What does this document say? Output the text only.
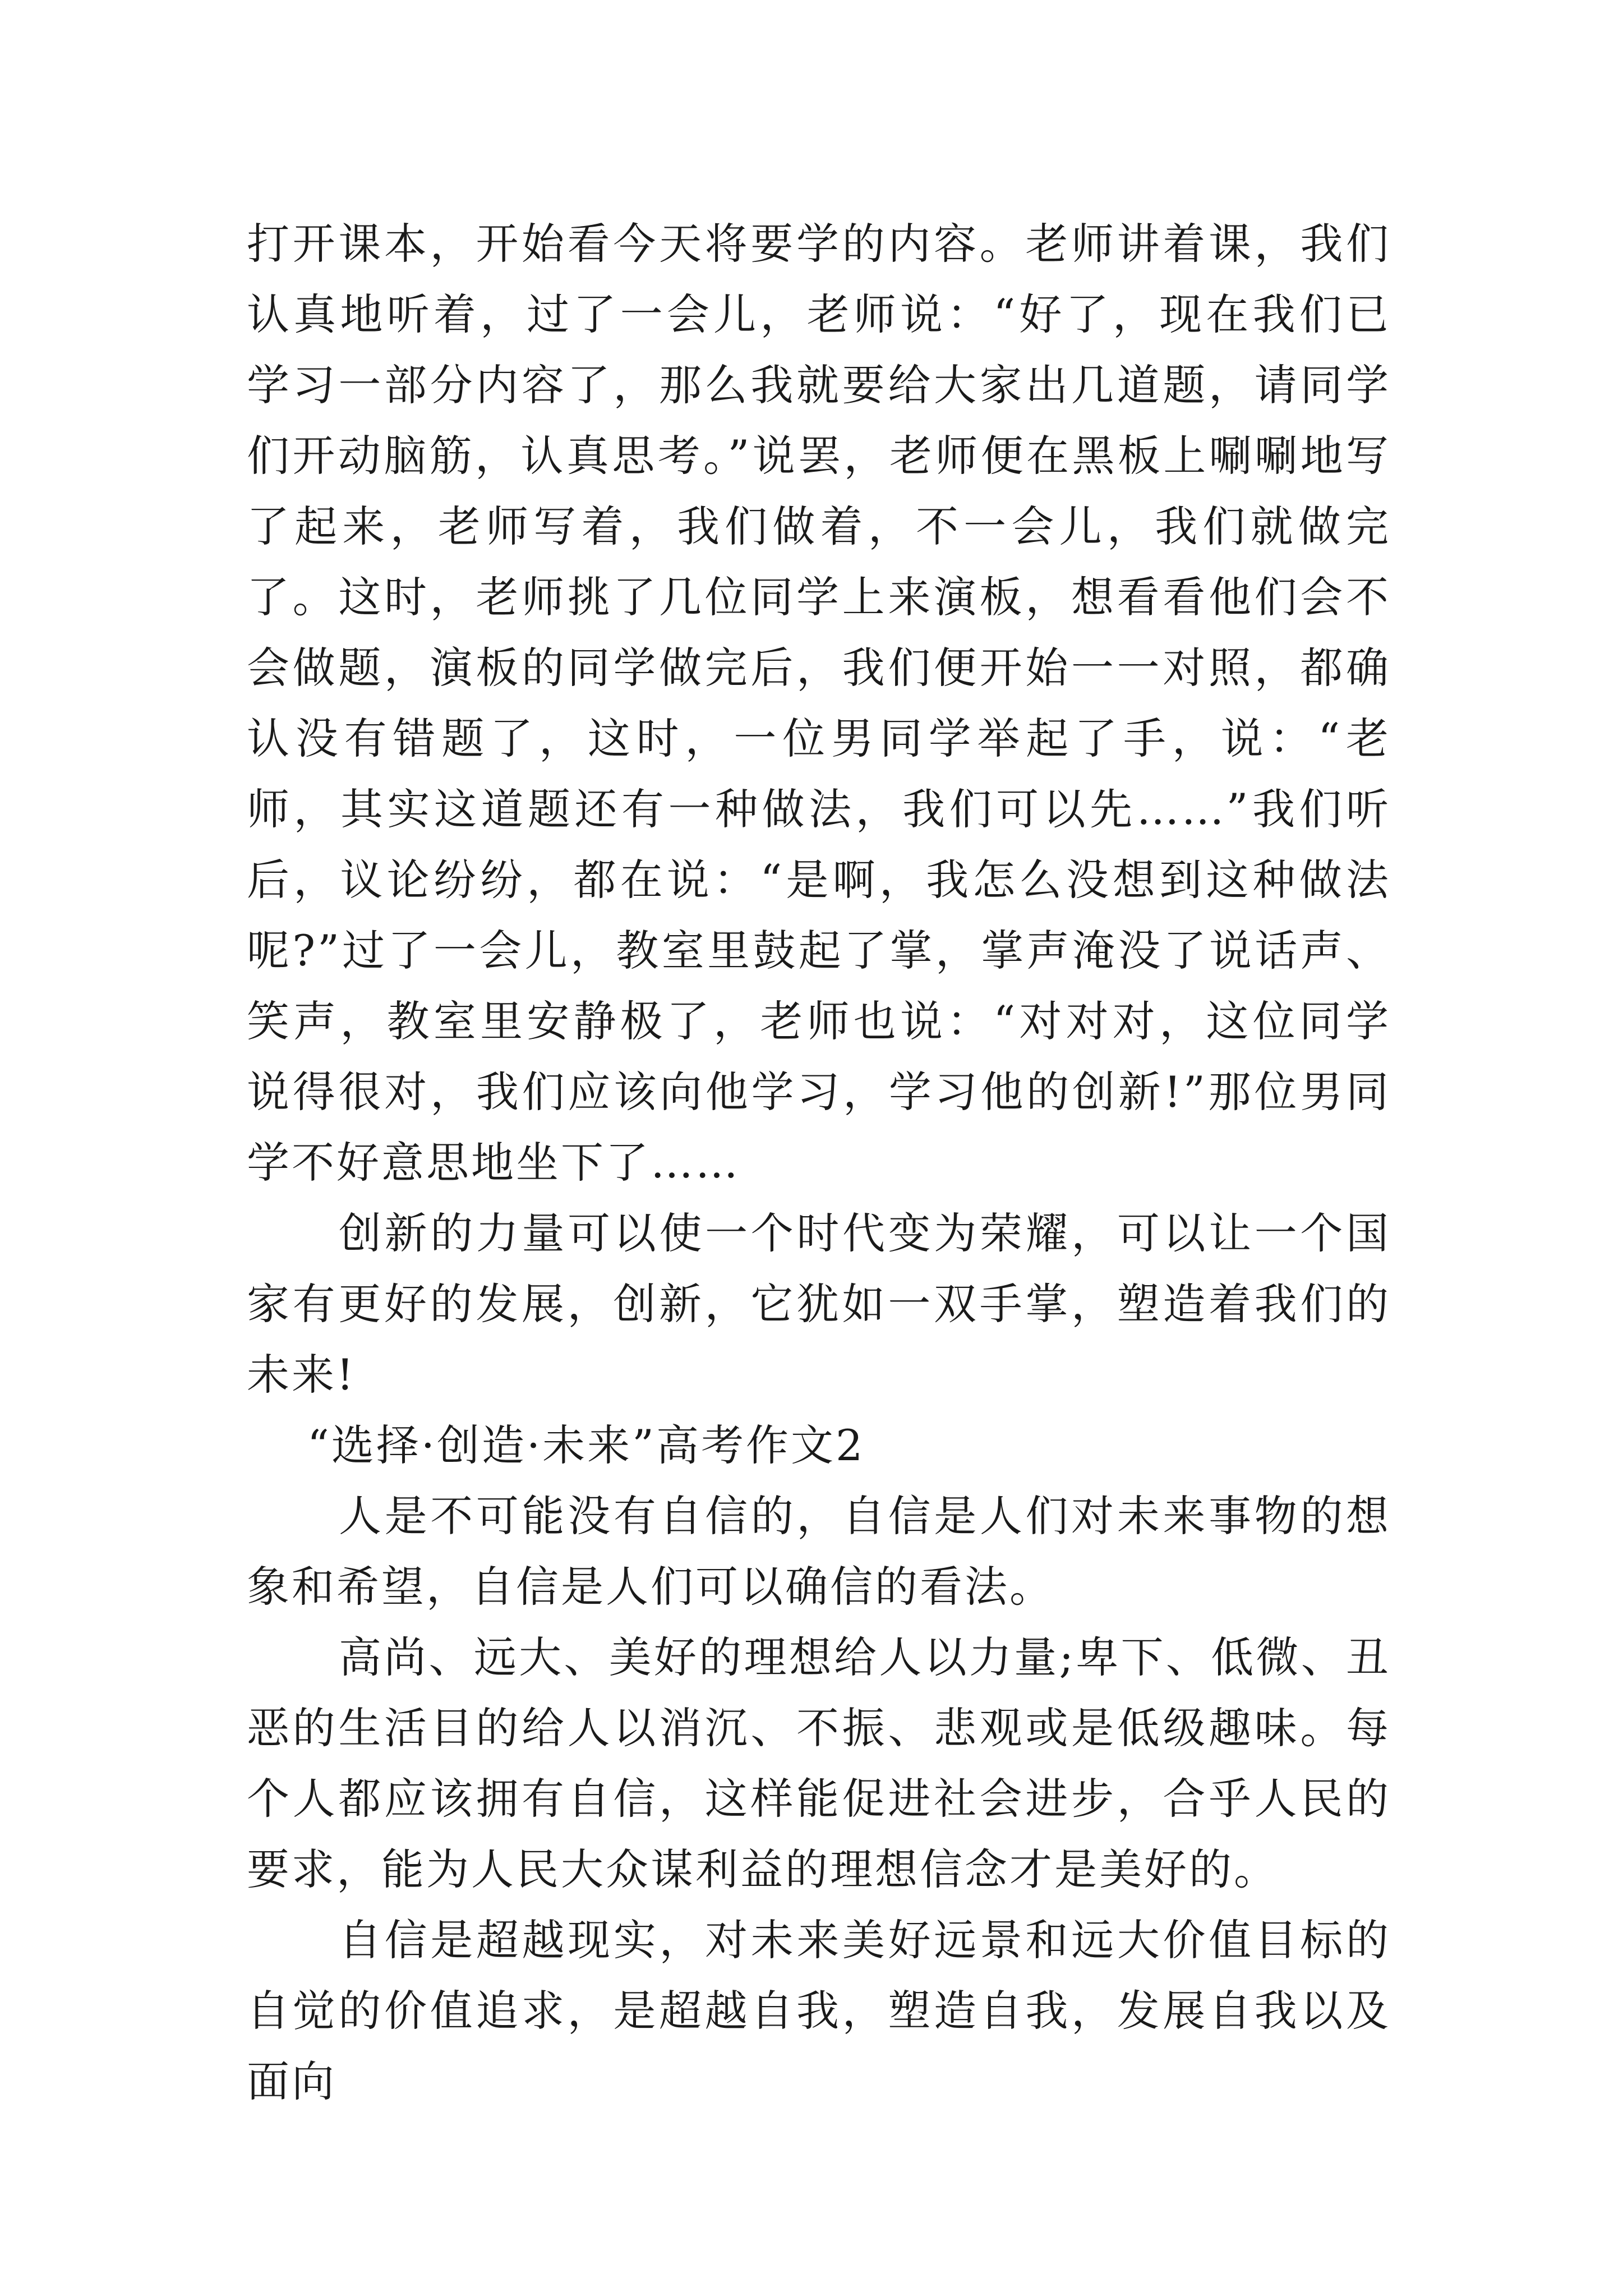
打开课本，开始看今天将要学的内容。老师讲着课，我们认真地听着，过了一会儿，老师说：“好了，现在我们已学习一部分内容了，那么我就要给大家出几道题，请同学们开动脑筋，认真思考。”说罢，老师便在黑板上唰唰地写了起来，老师写着，我们做着，不一会儿，我们就做完了。这时，老师挑了几位同学上来演板，想看看他们会不会做题，演板的同学做完后，我们便开始一一对照，都确认没有错题了，这时，一位男同学举起了手，说：“老师，其实这道题还有一种做法，我们可以先……”我们听后，议论纷纷，都在说：“是啊，我怎么没想到这种做法呢?”过了一会儿，教室里鼓起了掌，掌声淹没了说话声、笑声，教室里安静极了，老师也说：“对对对，这位同学说得很对，我们应该向他学习，学习他的创新!”那位男同学不好意思地坐下了……

创新的力量可以使一个时代变为荣耀，可以让一个国家有更好的发展，创新，它犹如一双手掌，塑造着我们的未来!

“选择·创造·未来”高考作文2

人是不可能没有自信的，自信是人们对未来事物的想象和希望，自信是人们可以确信的看法。

高尚、远大、美好的理想给人以力量;卑下、低微、丑恶的生活目的给人以消沉、不振、悲观或是低级趣味。每个人都应该拥有自信，这样能促进社会进步，合乎人民的要求，能为人民大众谋利益的理想信念才是美好的。

自信是超越现实，对未来美好远景和远大价值目标的自觉的价值追求，是超越自我，塑造自我，发展自我以及面向
